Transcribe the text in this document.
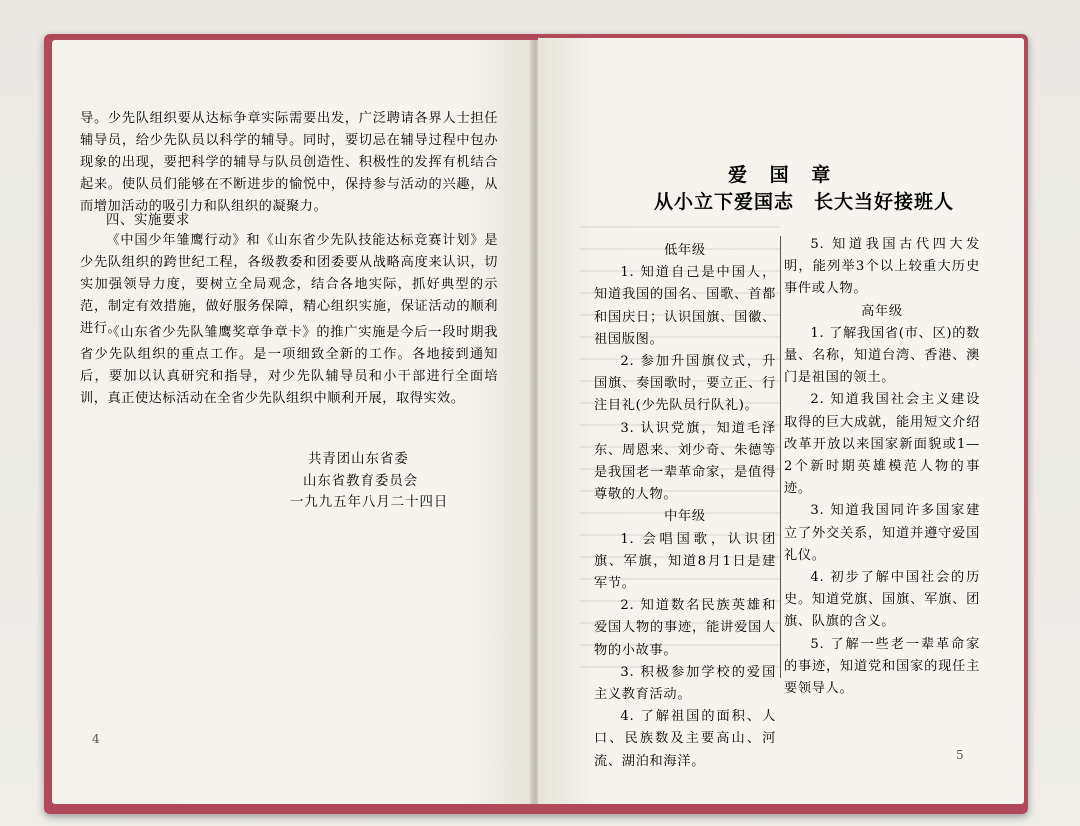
导。少先队组织要从达标争章实际需要出发，广泛聘请各界人士担任辅导员，给少先队员以科学的辅导。同时，要切忌在辅导过程中包办现象的出现，要把科学的辅导与队员创造性、积极性的发挥有机结合起来。使队员们能够在不断进步的愉悦中，保持参与活动的兴趣，从而增加活动的吸引力和队组织的凝聚力。

四、实施要求

《中国少年雏鹰行动》和《山东省少先队技能达标竞赛计划》是少先队组织的跨世纪工程，各级教委和团委要从战略高度来认识，切实加强领导力度，要树立全局观念，结合各地实际，抓好典型的示范，制定有效措施，做好服务保障，精心组织实施，保证活动的顺利进行。

《山东省少先队雏鹰奖章争章卡》的推广实施是今后一段时期我省少先队组织的重点工作。是一项细致全新的工作。各地接到通知后，要加以认真研究和指导，对少先队辅导员和小干部进行全面培训，真正使达标活动在全省少先队组织中顺利开展，取得实效。

共青团山东省委
山东省教育委员会
一九九五年八月二十四日
4
爱 国 章
从小立下爱国志　长大当好接班人

低年级

1. 知道自己是中国人，知道我国的国名、国歌、首都和国庆日；认识国旗、国徽、祖国版图。

2. 参加升国旗仪式，升国旗、奏国歌时，要立正、行注目礼(少先队员行队礼)。

3. 认识党旗，知道毛泽东、周恩来、刘少奇、朱德等是我国老一辈革命家，是值得尊敬的人物。

中年级

1. 会唱国歌，认识团旗、军旗，知道8月1日是建军节。

2. 知道数名民族英雄和爱国人物的事迹，能讲爱国人物的小故事。

3. 积极参加学校的爱国主义教育活动。

4. 了解祖国的面积、人口、民族数及主要高山、河流、湖泊和海洋。

5. 知道我国古代四大发明，能列举3个以上较重大历史事件或人物。

高年级

1. 了解我国省(市、区)的数量、名称，知道台湾、香港、澳门是祖国的领土。

2. 知道我国社会主义建设取得的巨大成就，能用短文介绍改革开放以来国家新面貌或1—2个新时期英雄模范人物的事迹。

3. 知道我国同许多国家建立了外交关系，知道并遵守爱国礼仪。

4. 初步了解中国社会的历史。知道党旗、国旗、军旗、团旗、队旗的含义。

5. 了解一些老一辈革命家的事迹，知道党和国家的现任主要领导人。

5
